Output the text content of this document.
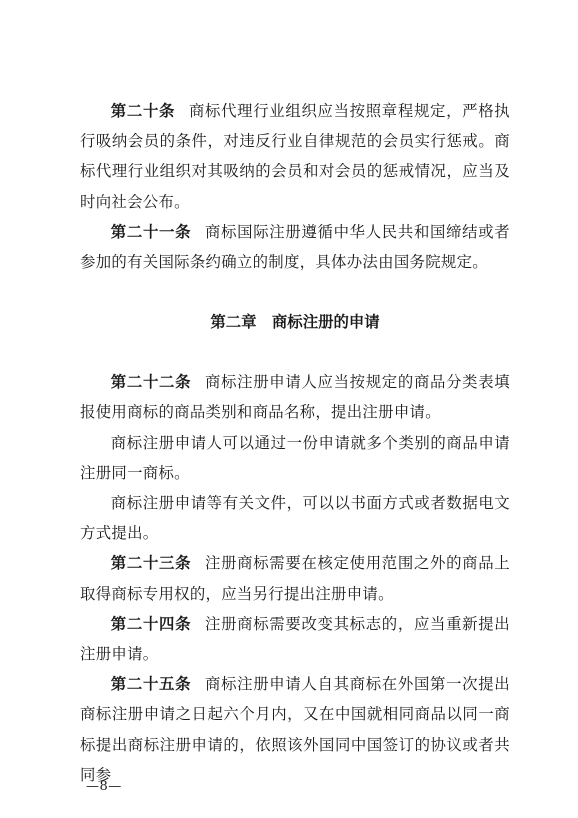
第二十条 商标代理行业组织应当按照章程规定，严格执行吸纳会员的条件，对违反行业自律规范的会员实行惩戒。商标代理行业组织对其吸纳的会员和对会员的惩戒情况，应当及时向社会公布。

第二十一条 商标国际注册遵循中华人民共和国缔结或者参加的有关国际条约确立的制度，具体办法由国务院规定。

第二章 商标注册的申请

第二十二条 商标注册申请人应当按规定的商品分类表填报使用商标的商品类别和商品名称，提出注册申请。

商标注册申请人可以通过一份申请就多个类别的商品申请注册同一商标。

商标注册申请等有关文件，可以以书面方式或者数据电文方式提出。

第二十三条 注册商标需要在核定使用范围之外的商品上取得商标专用权的，应当另行提出注册申请。

第二十四条 注册商标需要改变其标志的，应当重新提出注册申请。

第二十五条 商标注册申请人自其商标在外国第一次提出商标注册申请之日起六个月内，又在中国就相同商品以同一商标提出商标注册申请的，依照该外国同中国签订的协议或者共同参

—8—
